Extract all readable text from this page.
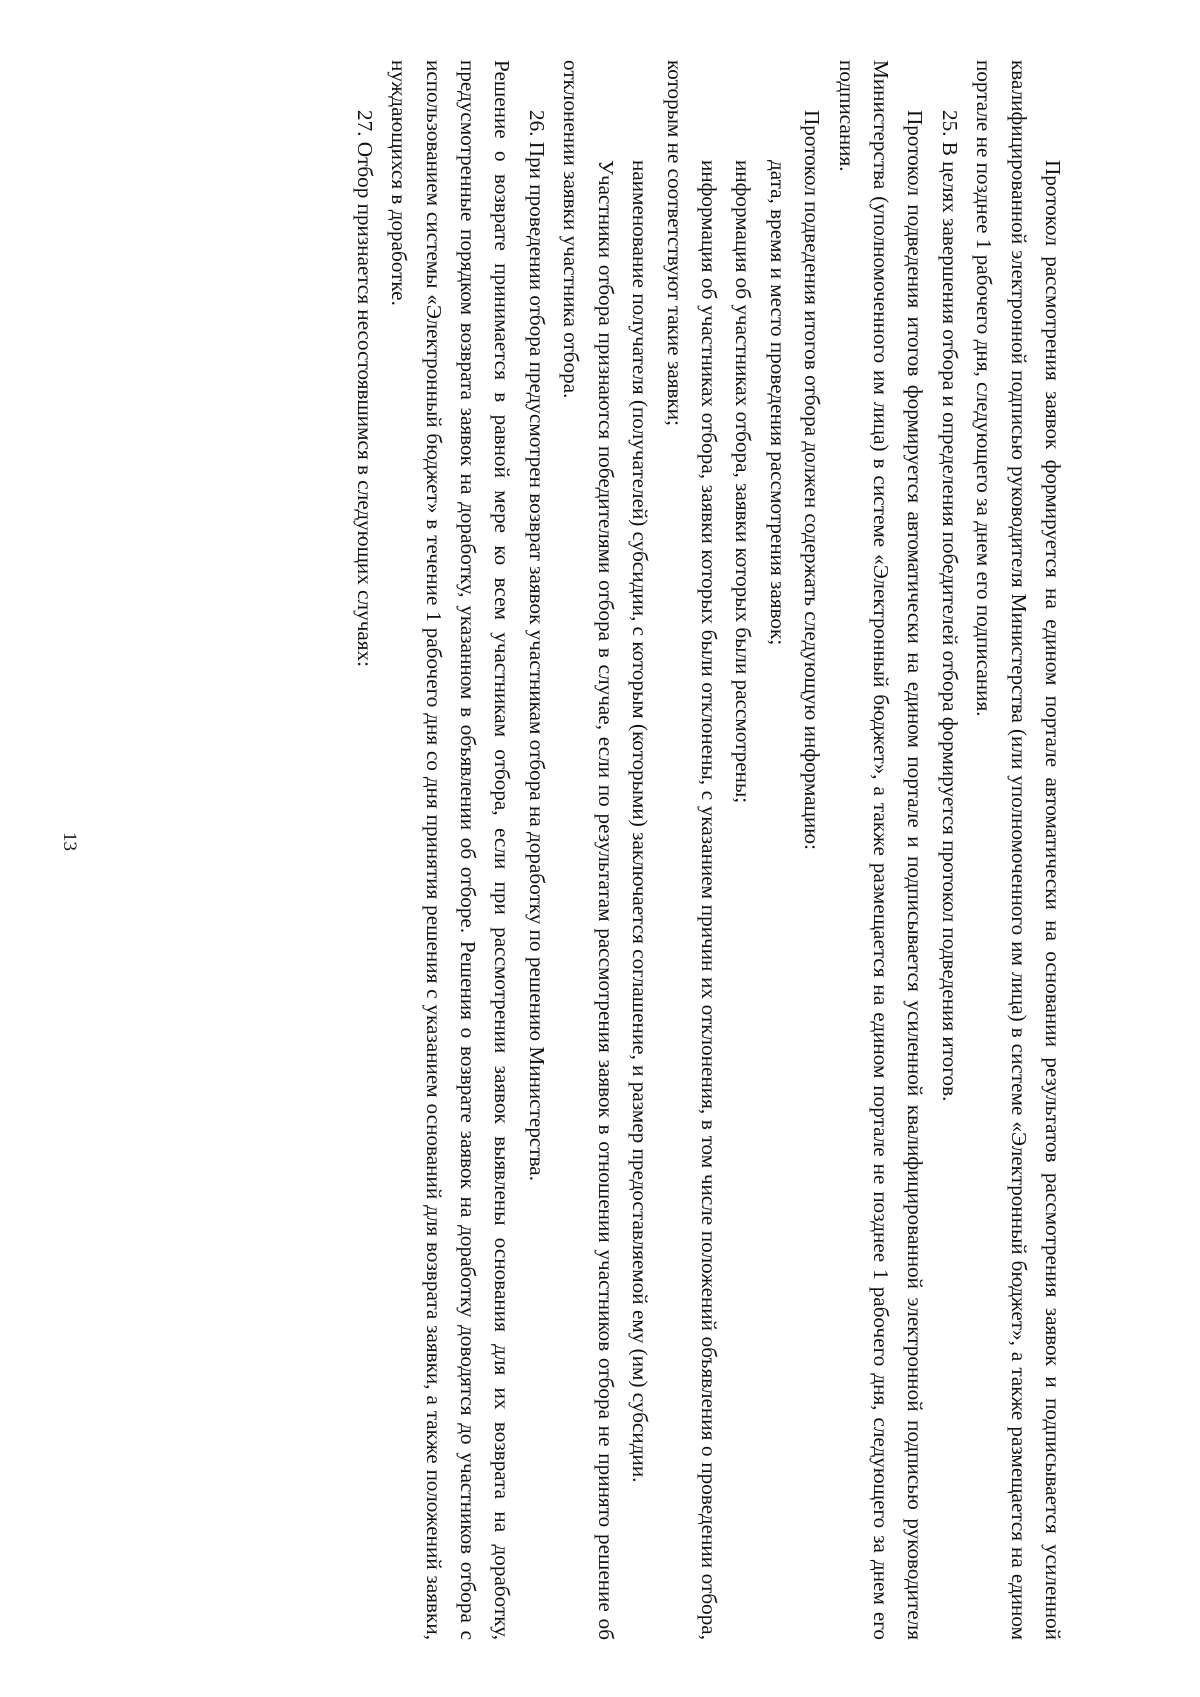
13	Протокол рассмотрения заявок формируется на едином портале автоматически на основании результатов рассмотрения заявок и подписывается усиленной квалифицированной электронной подписью руководителя Министерства (или уполномоченного им лица) в системе «Электронный бюджет», а также размещается на едином портале не позднее 1 рабочего дня, следующего за днем его подписания.

25. В целях завершения отбора и определения победителей отбора формируется протокол подведения итогов.

Протокол подведения итогов формируется автоматически на едином портале и подписывается усиленной квалифицированной электронной подписью руководителя Министерства (уполномоченного им лица) в системе «Электронный бюджет», а также размещается на едином портале не позднее 1 рабочего дня, следующего за днем его подписания.

Протокол подведения итогов отбора должен содержать следующую информацию:

дата, время и место проведения рассмотрения заявок;

информация об участниках отбора, заявки которых были рассмотрены;

информация об участниках отбора, заявки которых были отклонены, с указанием причин их отклонения, в том числе положений объявления о проведении отбора, которым не соответствуют такие заявки;

наименование получателя (получателей) субсидии, с которым (которыми) заключается соглашение, и размер предоставляемой ему (им) субсидии.

Участники отбора признаются победителями отбора в случае, если по результатам рассмотрения заявок в отношении участников отбора не принято решение об отклонении заявки участника отбора.

26. При проведении отбора предусмотрен возврат заявок участникам отбора на доработку по решению Министерства.

Решение о возврате принимается в равной мере ко всем участникам отбора, если при рассмотрении заявок выявлены основания для их возврата на доработку, предусмотренные порядком возврата заявок на доработку, указанном в объявлении об отборе. Решения о возврате заявок на доработку доводятся до участников отбора с использованием системы «Электронный бюджет» в течение 1 рабочего дня со дня принятия решения с указанием оснований для возврата заявки, а также положений заявки, нуждающихся в доработке.

27. Отбор признается несостоявшимся в следующих случаях:
